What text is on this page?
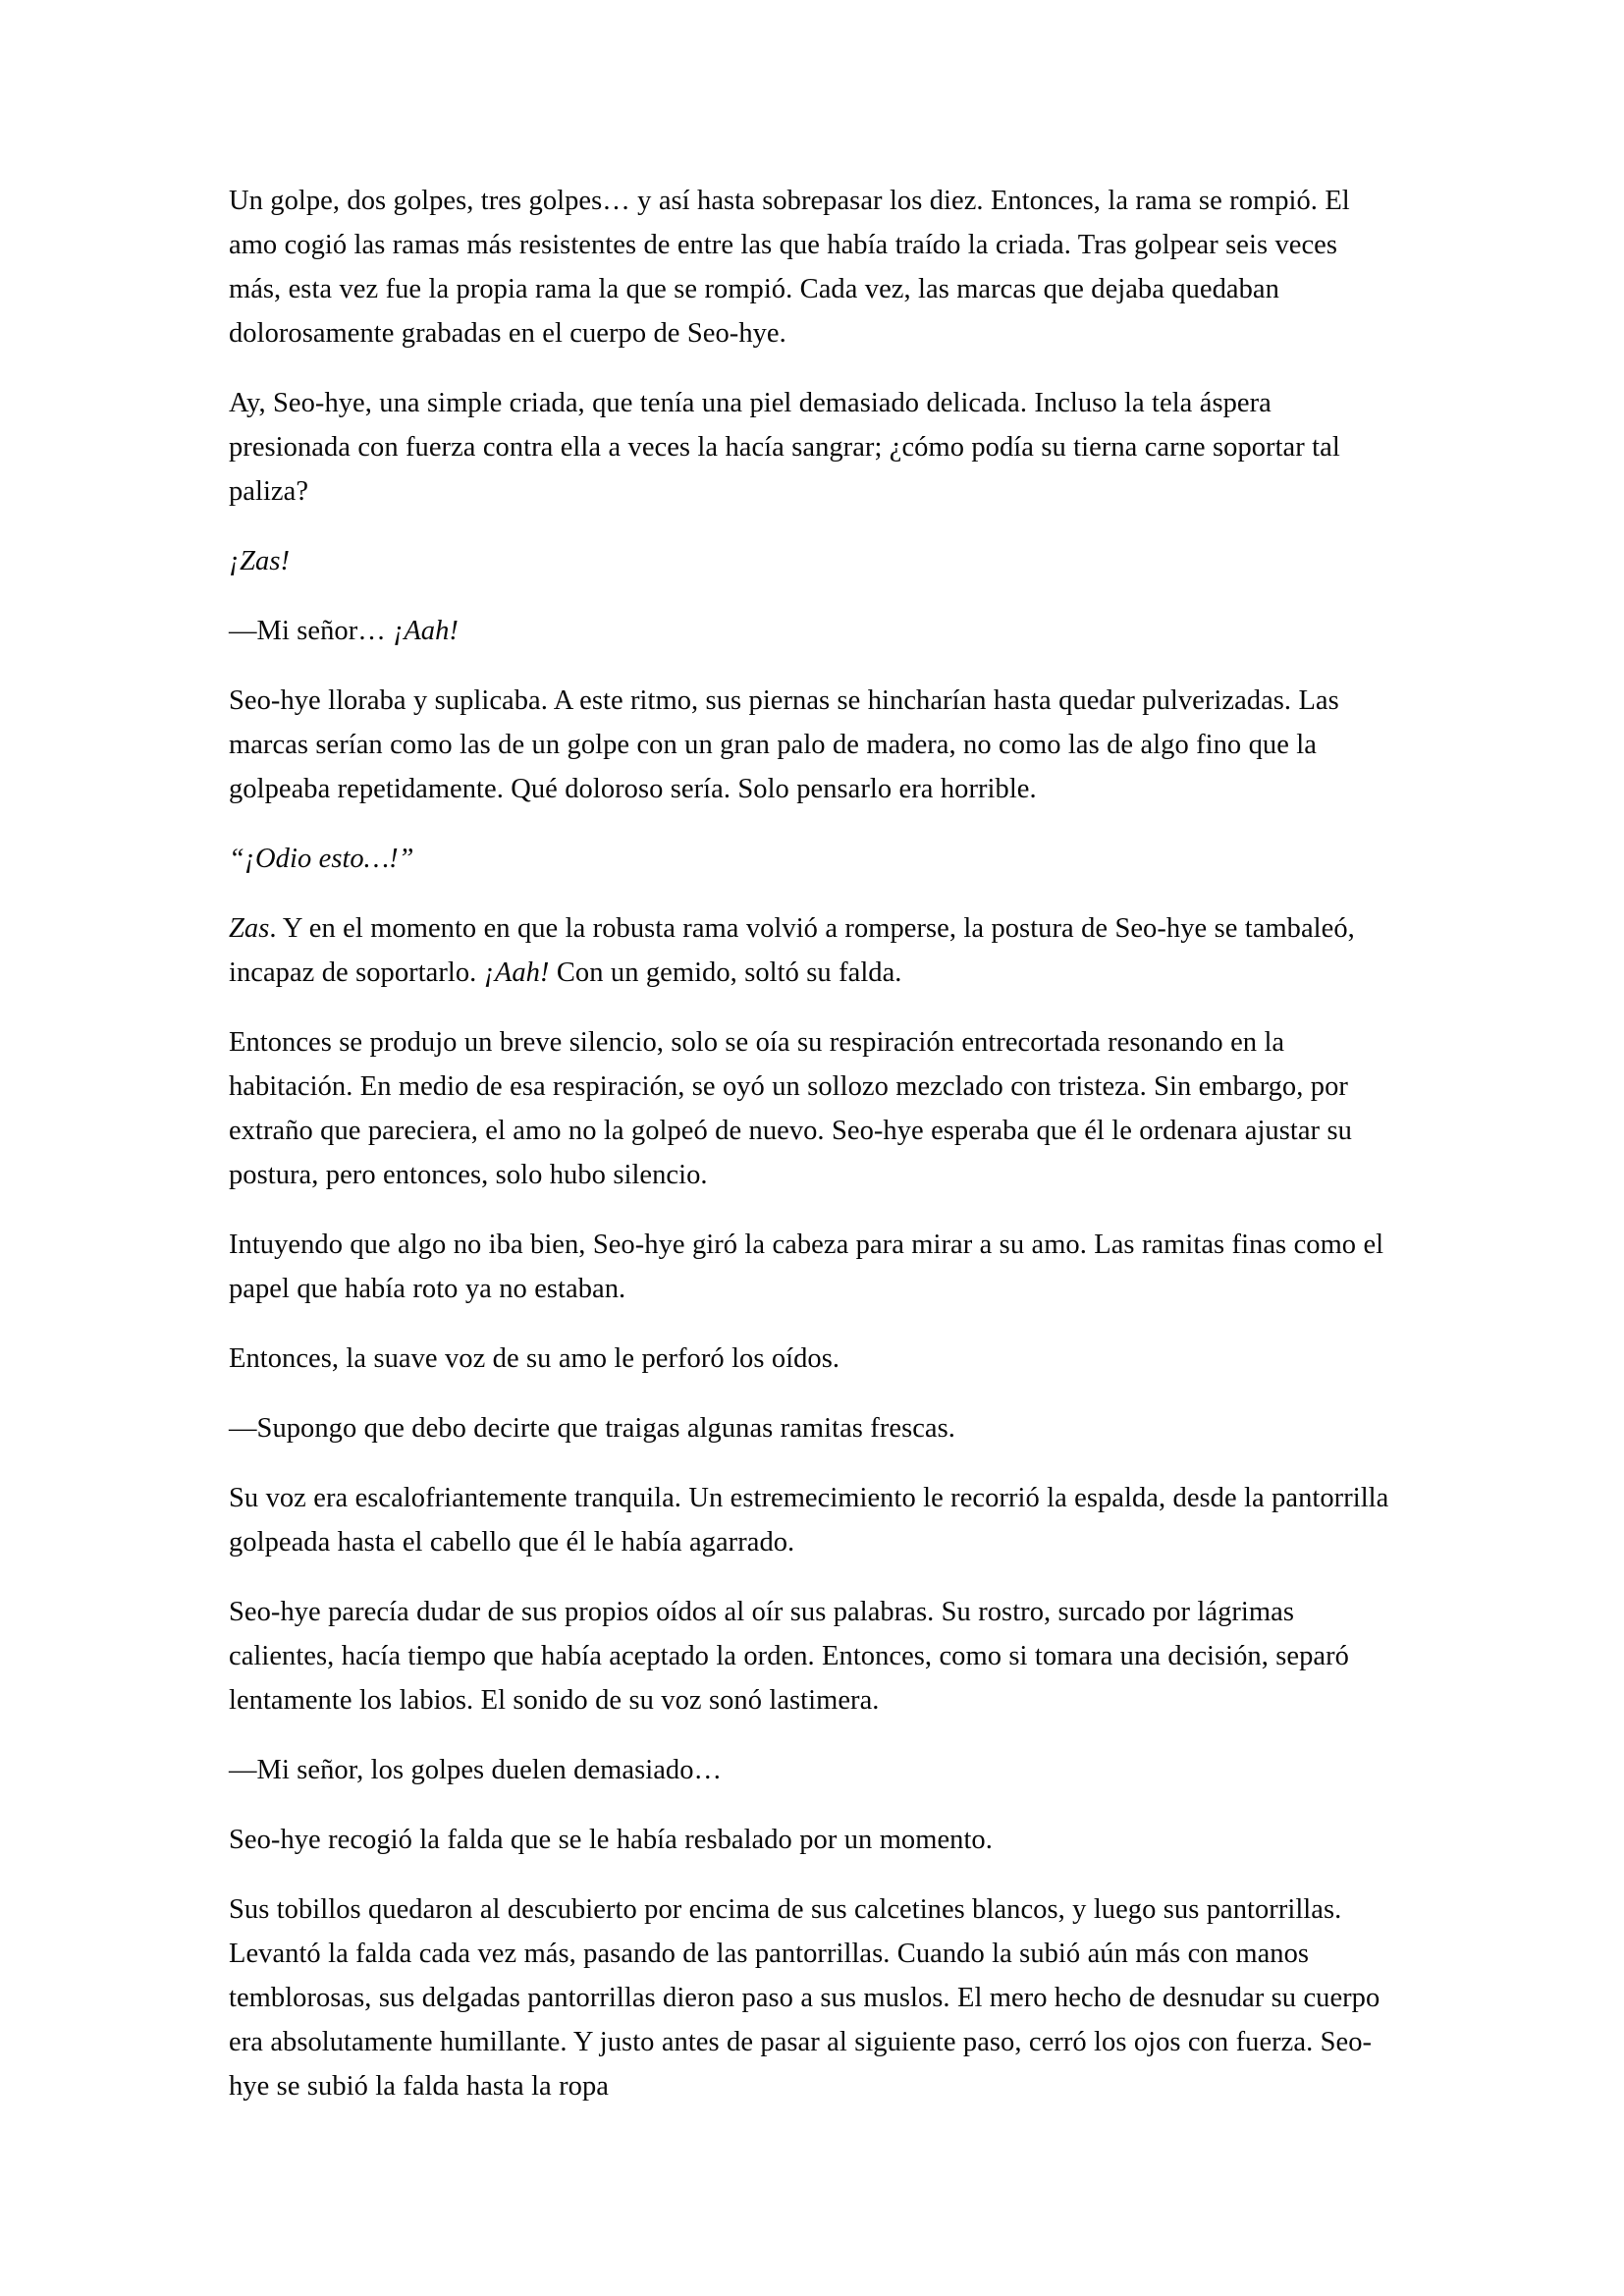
Un golpe, dos golpes, tres golpes… y así hasta sobrepasar los diez. Entonces, la rama se rompió. El amo cogió las ramas más resistentes de entre las que había traído la criada. Tras golpear seis veces más, esta vez fue la propia rama la que se rompió. Cada vez, las marcas que dejaba quedaban dolorosamente grabadas en el cuerpo de Seo-hye.

Ay, Seo-hye, una simple criada, que tenía una piel demasiado delicada. Incluso la tela áspera presionada con fuerza contra ella a veces la hacía sangrar; ¿cómo podía su tierna carne soportar tal paliza?

¡Zas!

—Mi señor… ¡Aah!

Seo-hye lloraba y suplicaba. A este ritmo, sus piernas se hincharían hasta quedar pulverizadas. Las marcas serían como las de un golpe con un gran palo de madera, no como las de algo fino que la golpeaba repetidamente. Qué doloroso sería. Solo pensarlo era horrible.

“¡Odio esto…!”

Zas. Y en el momento en que la robusta rama volvió a romperse, la postura de Seo-hye se tambaleó, incapaz de soportarlo. ¡Aah! Con un gemido, soltó su falda.

Entonces se produjo un breve silencio, solo se oía su respiración entrecortada resonando en la habitación. En medio de esa respiración, se oyó un sollozo mezclado con tristeza. Sin embargo, por extraño que pareciera, el amo no la golpeó de nuevo. Seo-hye esperaba que él le ordenara ajustar su postura, pero entonces, solo hubo silencio.

Intuyendo que algo no iba bien, Seo-hye giró la cabeza para mirar a su amo. Las ramitas finas como el papel que había roto ya no estaban.

Entonces, la suave voz de su amo le perforó los oídos.

—Supongo que debo decirte que traigas algunas ramitas frescas.

Su voz era escalofriantemente tranquila. Un estremecimiento le recorrió la espalda, desde la pantorrilla golpeada hasta el cabello que él le había agarrado.

Seo-hye parecía dudar de sus propios oídos al oír sus palabras. Su rostro, surcado por lágrimas calientes, hacía tiempo que había aceptado la orden. Entonces, como si tomara una decisión, separó lentamente los labios. El sonido de su voz sonó lastimera.

—Mi señor, los golpes duelen demasiado…

Seo-hye recogió la falda que se le había resbalado por un momento.

Sus tobillos quedaron al descubierto por encima de sus calcetines blancos, y luego sus pantorrillas. Levantó la falda cada vez más, pasando de las pantorrillas. Cuando la subió aún más con manos temblorosas, sus delgadas pantorrillas dieron paso a sus muslos. El mero hecho de desnudar su cuerpo era absolutamente humillante. Y justo antes de pasar al siguiente paso, cerró los ojos con fuerza. Seo-hye se subió la falda hasta la ropa
